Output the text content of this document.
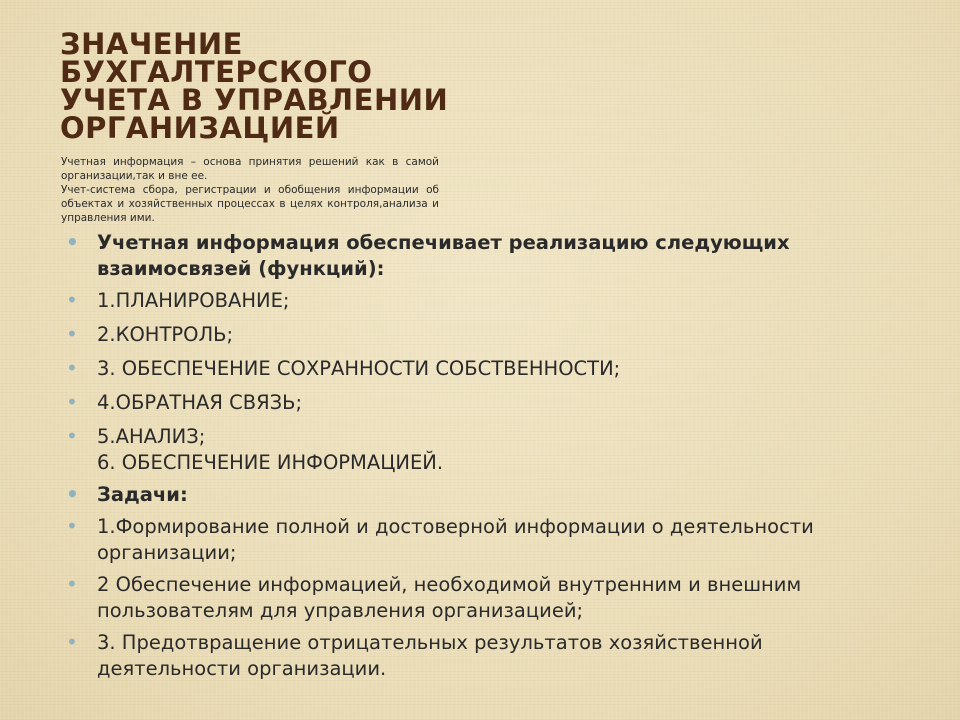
ЗНАЧЕНИЕ
БУХГАЛТЕРСКОГО
УЧЕТА В УПРАВЛЕНИИ
ОРГАНИЗАЦИЕЙ

Учетная информация – основа принятия решений как в самой организации,так и вне ее.

Учет-система сбора, регистрации и обобщения информации об объектах и хозяйственных процессах в целях контроля,анализа и управления ими.

• Учетная информация обеспечивает реализацию следующих взаимосвязей (функций):
• 1.ПЛАНИРОВАНИЕ;
• 2.КОНТРОЛЬ;
• 3. ОБЕСПЕЧЕНИЕ СОХРАННОСТИ СОБСТВЕННОСТИ;
• 4.ОБРАТНАЯ СВЯЗЬ;
• 5.АНАЛИЗ;
6. ОБЕСПЕЧЕНИЕ ИНФОРМАЦИЕЙ.
• Задачи:
• 1.Формирование полной и достоверной информации о деятельности организации;
• 2 Обеспечение информацией, необходимой внутренним и внешним пользователям для управления организацией;
• 3. Предотвращение отрицательных результатов хозяйственной деятельности организации.
